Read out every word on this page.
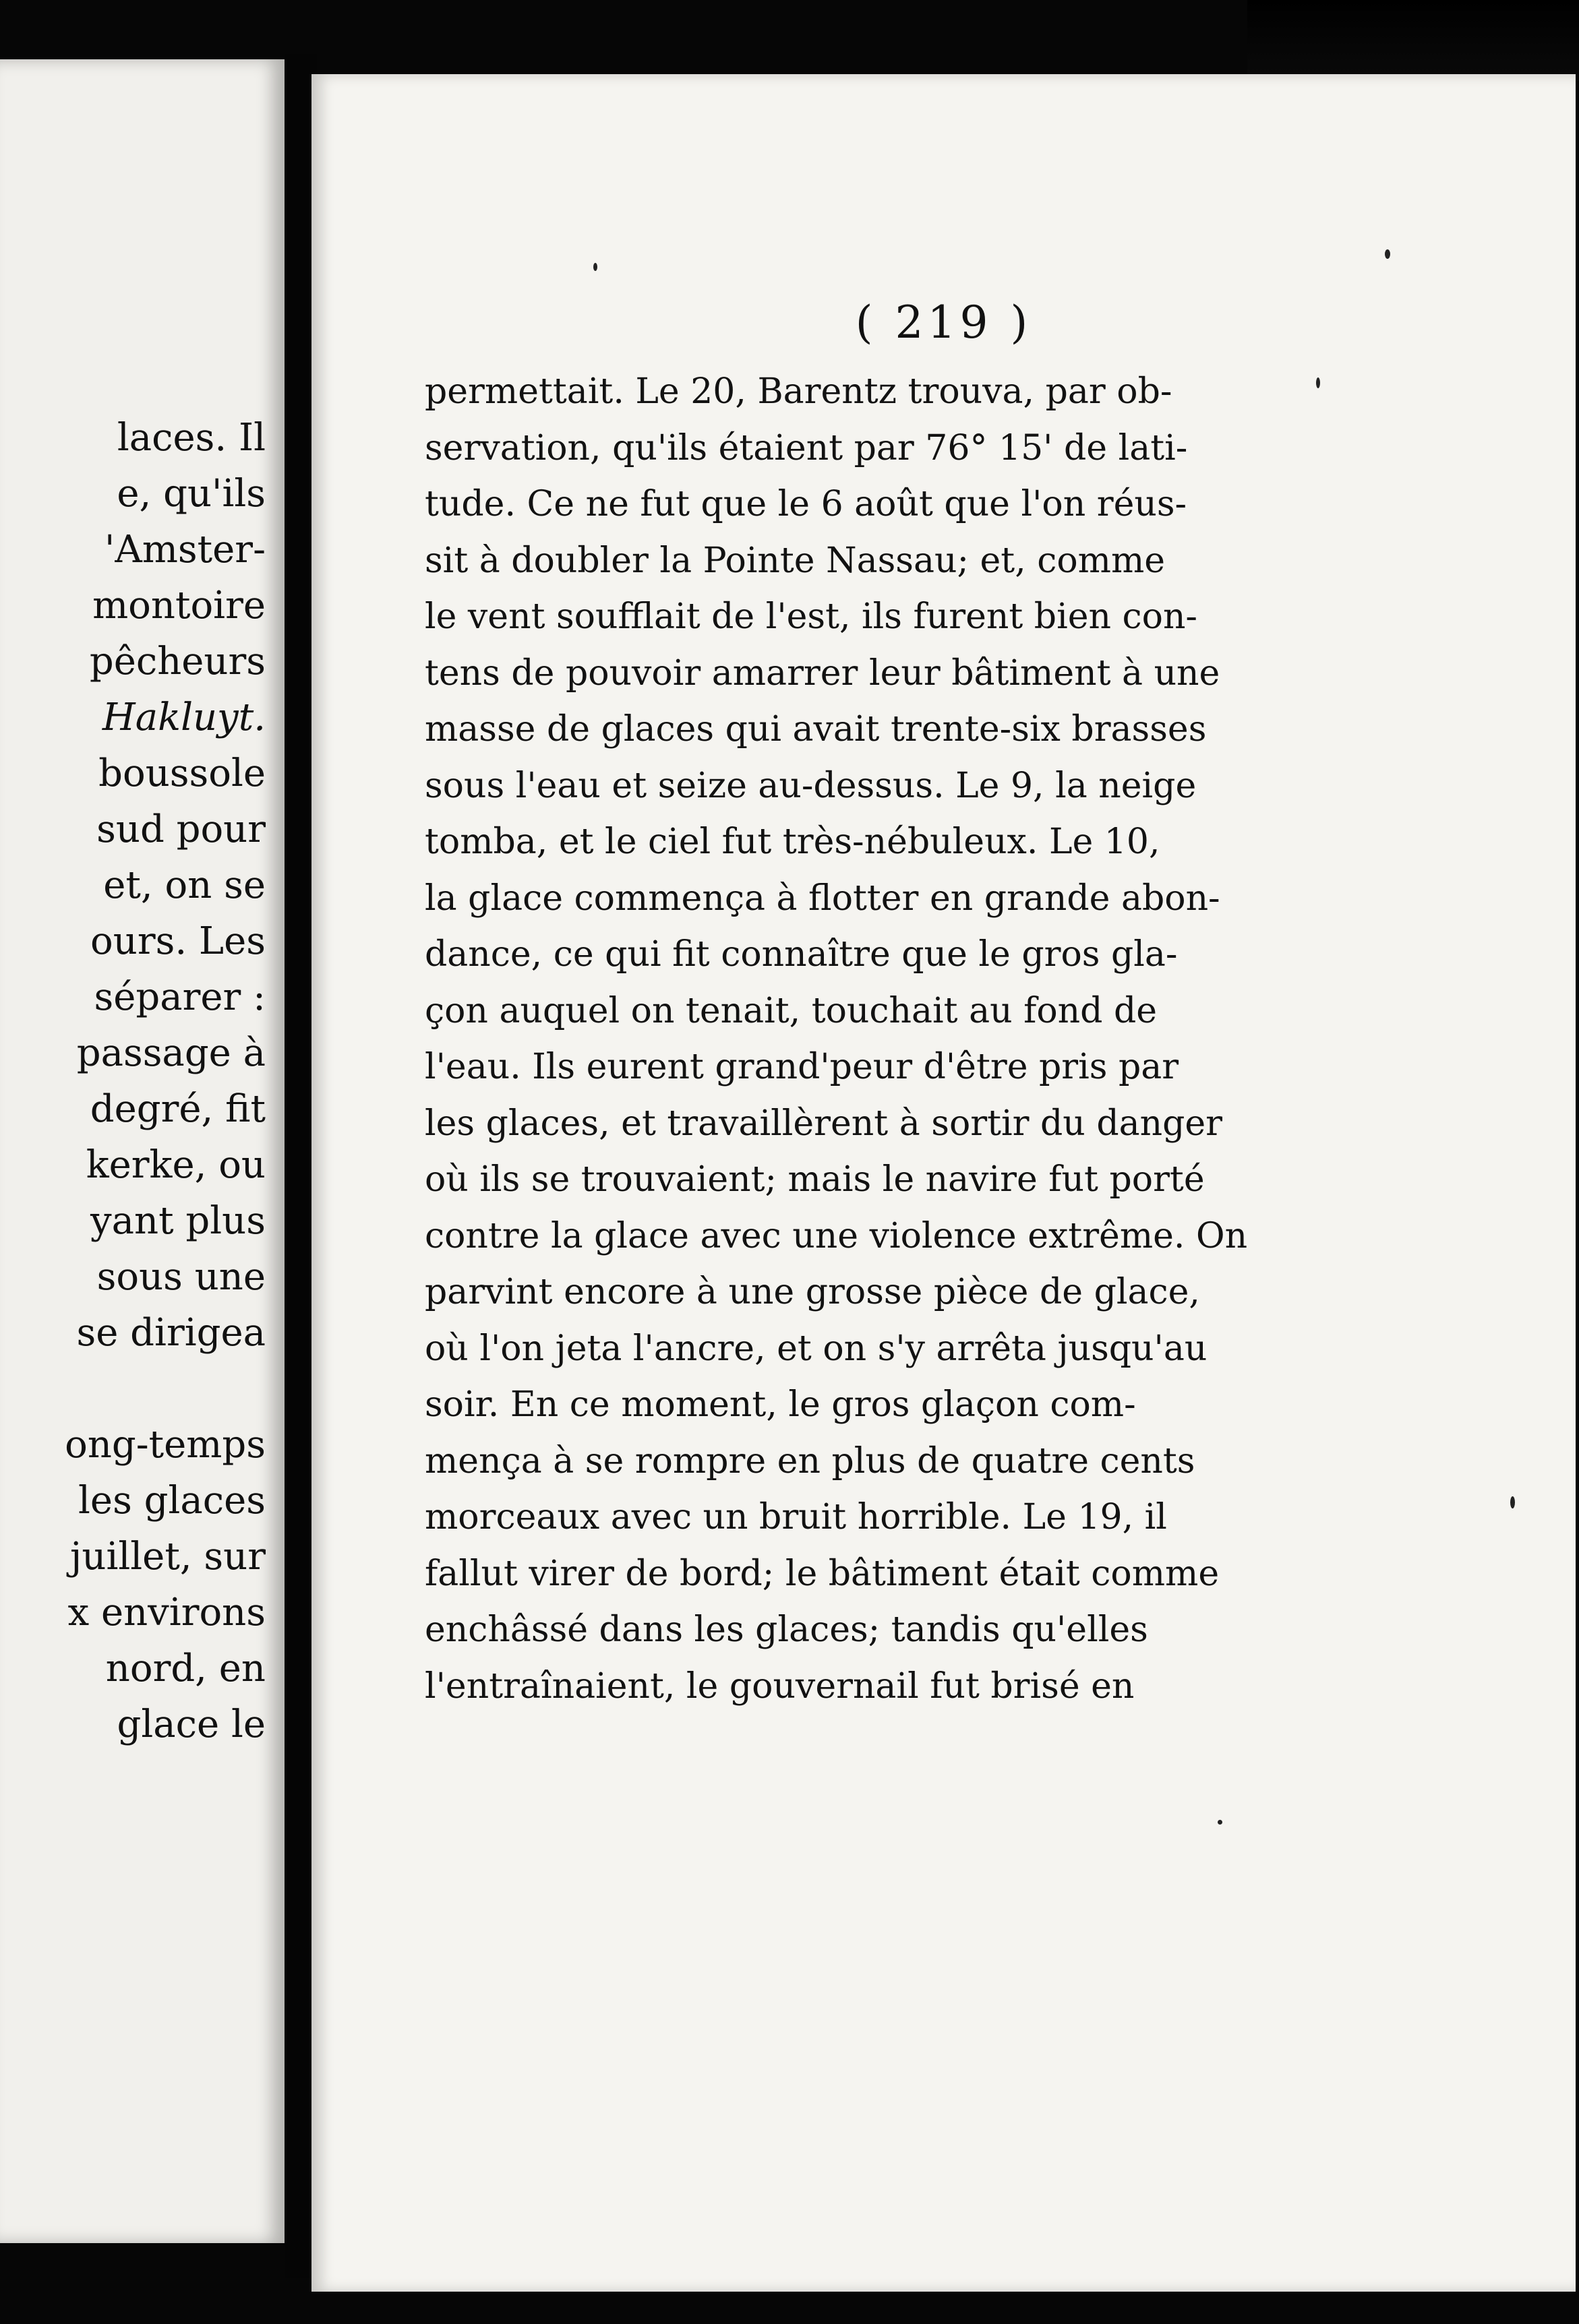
laces. Il
e, qu'ils
'Amster-
montoire
pêcheurs
Hakluyt.
boussole
sud pour
et, on se
ours. Les
séparer :
passage à
degré, fit
kerke, ou
yant plus
sous une
se dirigea
ong-temps
les glaces
juillet, sur
x environs
nord, en
glace le
( 219 )
permettait. Le 20, Barentz trouva, par ob-
servation, qu'ils étaient par 76° 15' de lati-
tude. Ce ne fut que le 6 août que l'on réus-
sit à doubler la Pointe Nassau; et, comme
le vent soufflait de l'est, ils furent bien con-
tens de pouvoir amarrer leur bâtiment à une
masse de glaces qui avait trente-six brasses
sous l'eau et seize au-dessus. Le 9, la neige
tomba, et le ciel fut très-nébuleux. Le 10,
la glace commença à flotter en grande abon-
dance, ce qui fit connaître que le gros gla-
çon auquel on tenait, touchait au fond de
l'eau. Ils eurent grand'peur d'être pris par
les glaces, et travaillèrent à sortir du danger
où ils se trouvaient; mais le navire fut porté
contre la glace avec une violence extrême. On
parvint encore à une grosse pièce de glace,
où l'on jeta l'ancre, et on s'y arrêta jusqu'au
soir. En ce moment, le gros glaçon com-
mença à se rompre en plus de quatre cents
morceaux avec un bruit horrible. Le 19, il
fallut virer de bord; le bâtiment était comme
enchâssé dans les glaces; tandis qu'elles
l'entraînaient, le gouvernail fut brisé en
